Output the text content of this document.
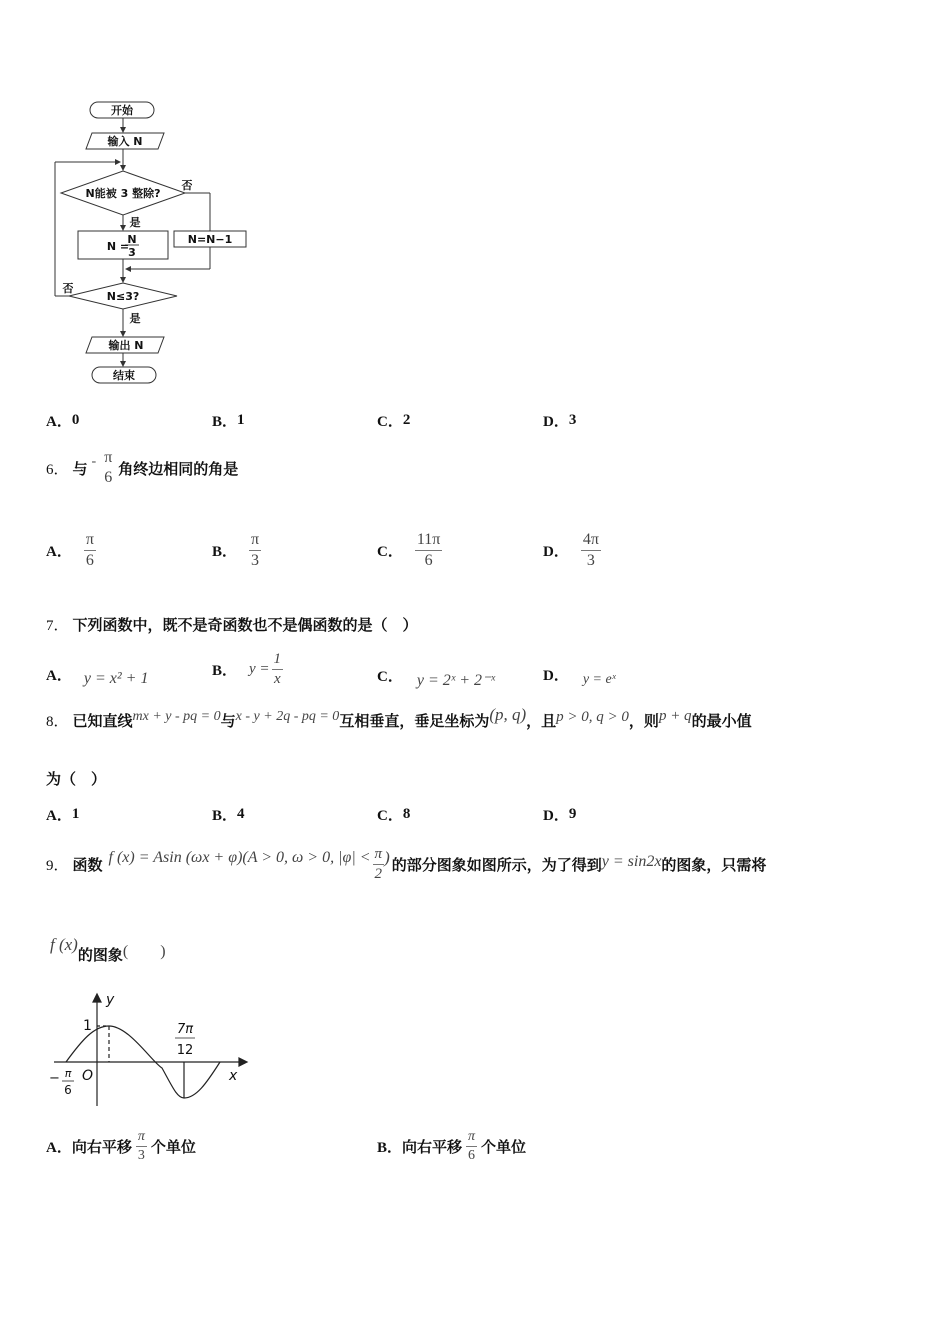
开始
输入 N
N能被 3 整除?
是
否
N =
N
3
N=N−1
N≤3?
否
是
输出 N
结束
A． 0	B． 1	C． 2	D． 3
6． 与 - π
6 角终边相同的角是
A． $\frac{\pi}{6}$	B． $\frac{\pi}{3}$	C． $\frac{11\pi}{6}$	D． $\frac{4\pi}{3}$
7． 下列函数中，既不是奇函数也不是偶函数的是（　）
A． y = x² + 1	B． $y = \frac{1}{x}$	C． y = 2ˣ + 2⁻ˣ	D． y = eˣ
8． 已知直线 mx + y - pq = 0 与 x - y + 2q - pq = 0 互相垂直，垂足坐标为 (p, q) ，且 p > 0, q > 0 ，则 p + q 的最小值
为（　）
A． 1	B． 4	C． 8	D． 9
9． 函数 f (x) = Asin (ωx + φ)(A > 0, ω > 0, $|\varphi| < \frac{\pi}{2}$ ) 的部分图象如图所示，为了得到 y = sin2x 的图象，只需将
f (x)
的图象 (　　)
y
x
1
O
− π
6
7π
12
A． 向右平移 $\frac{\pi}{3}$ 个单位	B． 向右平移 $\frac{\pi}{6}$ 个单位
